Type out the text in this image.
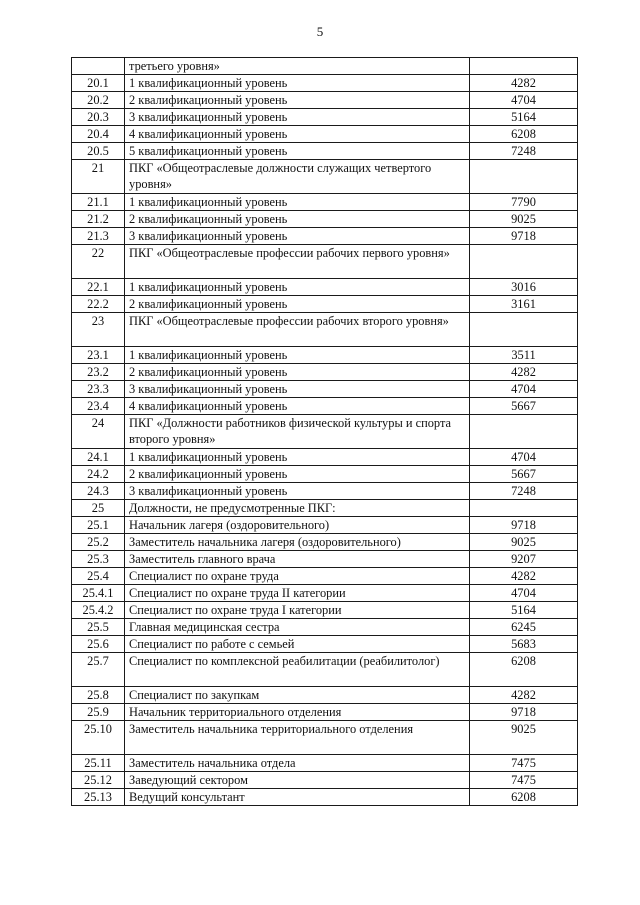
5
	третьего уровня»	
20.1	1 квалификационный уровень	4282
20.2	2 квалификационный уровень	4704
20.3	3 квалификационный уровень	5164
20.4	4 квалификационный уровень	6208
20.5	5 квалификационный уровень	7248
21	ПКГ «Общеотраслевые должности служащих четвертого уровня»	
21.1	1 квалификационный уровень	7790
21.2	2 квалификационный уровень	9025
21.3	3 квалификационный уровень	9718
22	ПКГ «Общеотраслевые профессии рабочих первого уровня»	
22.1	1 квалификационный уровень	3016
22.2	2 квалификационный уровень	3161
23	ПКГ «Общеотраслевые профессии рабочих второго уровня»	
23.1	1 квалификационный уровень	3511
23.2	2 квалификационный уровень	4282
23.3	3 квалификационный уровень	4704
23.4	4 квалификационный уровень	5667
24	ПКГ «Должности работников физической культуры и спорта второго уровня»	
24.1	1 квалификационный уровень	4704
24.2	2 квалификационный уровень	5667
24.3	3 квалификационный уровень	7248
25	Должности, не предусмотренные ПКГ:	
25.1	Начальник лагеря (оздоровительного)	9718
25.2	Заместитель начальника лагеря (оздоровительного)	9025
25.3	Заместитель главного врача	9207
25.4	Специалист по охране труда	4282
25.4.1	Специалист по охране труда II категории	4704
25.4.2	Специалист по охране труда I категории	5164
25.5	Главная медицинская сестра	6245
25.6	Специалист по работе с семьей	5683
25.7	Специалист по комплексной реабилитации (реабилитолог)	6208
25.8	Специалист по закупкам	4282
25.9	Начальник территориального отделения	9718
25.10	Заместитель начальника территориального отделения	9025
25.11	Заместитель начальника отдела	7475
25.12	Заведующий сектором	7475
25.13	Ведущий консультант	6208
